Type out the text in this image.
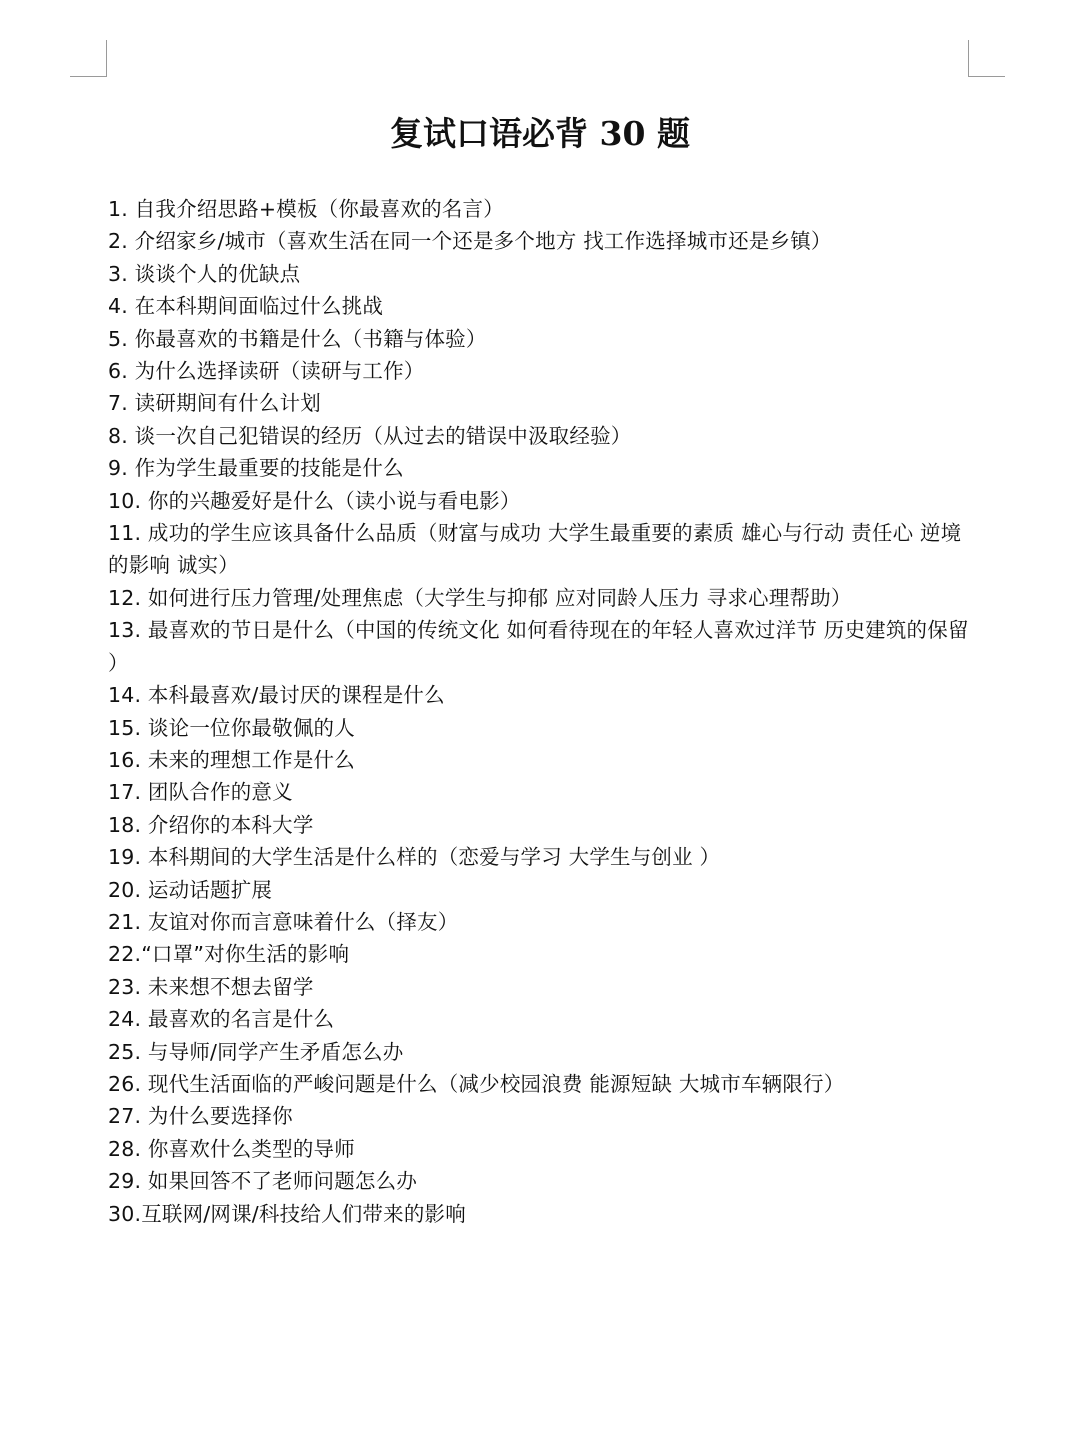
复试口语必背 30 题
1. 自我介绍思路+模板（你最喜欢的名言）
2. 介绍家乡/城市（喜欢生活在同一个还是多个地方 找工作选择城市还是乡镇）
3. 谈谈个人的优缺点
4. 在本科期间面临过什么挑战
5. 你最喜欢的书籍是什么（书籍与体验）
6. 为什么选择读研（读研与工作）
7. 读研期间有什么计划
8. 谈一次自己犯错误的经历（从过去的错误中汲取经验）
9. 作为学生最重要的技能是什么
10. 你的兴趣爱好是什么（读小说与看电影）
11. 成功的学生应该具备什么品质（财富与成功 大学生最重要的素质 雄心与行动 责任心 逆境的影响 诚实）
12. 如何进行压力管理/处理焦虑（大学生与抑郁 应对同龄人压力 寻求心理帮助）
13. 最喜欢的节日是什么（中国的传统文化 如何看待现在的年轻人喜欢过洋节 历史建筑的保留 ）
14. 本科最喜欢/最讨厌的课程是什么
15. 谈论一位你最敬佩的人
16. 未来的理想工作是什么
17. 团队合作的意义
18. 介绍你的本科大学
19. 本科期间的大学生活是什么样的（恋爱与学习 大学生与创业 ）
20. 运动话题扩展
21. 友谊对你而言意味着什么（择友）
22.“口罩”对你生活的影响
23. 未来想不想去留学
24. 最喜欢的名言是什么
25. 与导师/同学产生矛盾怎么办
26. 现代生活面临的严峻问题是什么（减少校园浪费 能源短缺 大城市车辆限行）
27. 为什么要选择你
28. 你喜欢什么类型的导师
29. 如果回答不了老师问题怎么办
30.互联网/网课/科技给人们带来的影响
